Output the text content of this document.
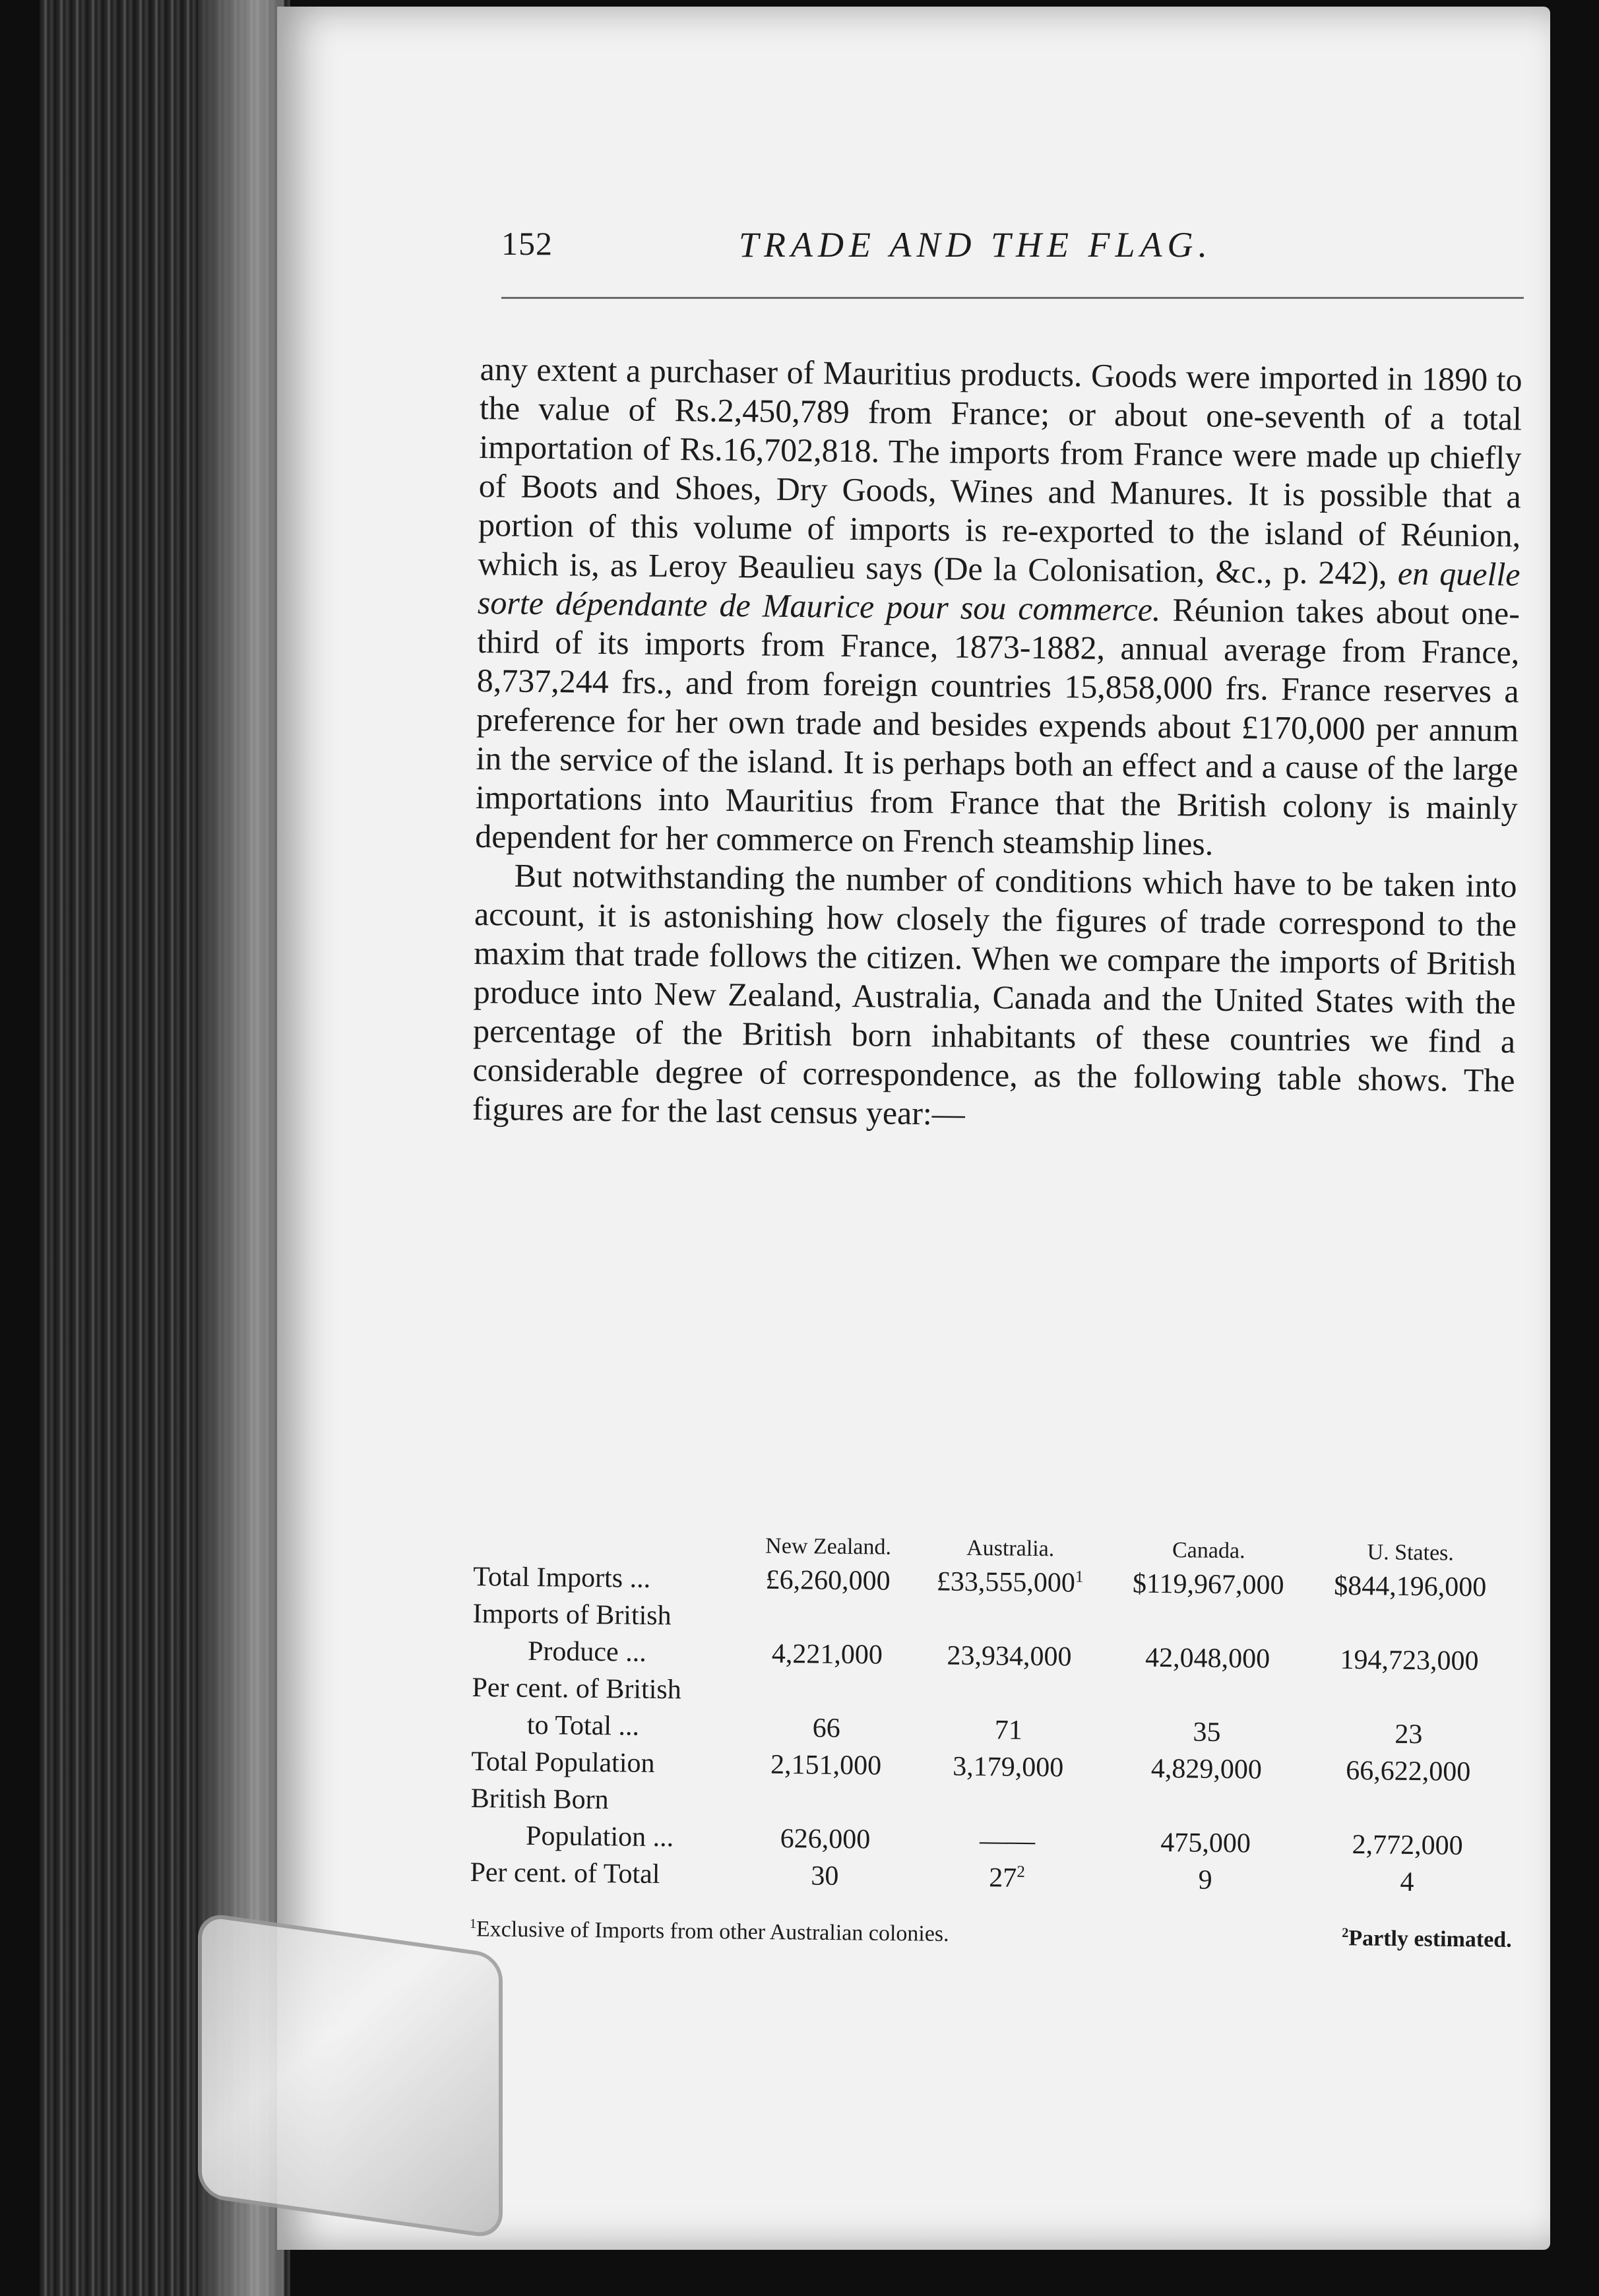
152	TRADE AND THE FLAG.

any extent a purchaser of Mauritius products. Goods were imported in 1890 to the value of Rs.2,450,789 from France; or about one-seventh of a total importation of Rs.16,702,818. The imports from France were made up chiefly of Boots and Shoes, Dry Goods, Wines and Manures. It is possible that a portion of this volume of imports is re-exported to the island of Réunion, which is, as Leroy Beaulieu says (De la Colonisation, &c., p. 242), en quelle sorte dépendante de Maurice pour sou commerce. Réunion takes about one-third of its imports from France, 1873-1882, annual average from France, 8,737,244 frs., and from foreign countries 15,858,000 frs. France reserves a preference for her own trade and besides expends about £170,000 per annum in the service of the island. It is perhaps both an effect and a cause of the large importations into Mauritius from France that the British colony is mainly dependent for her commerce on French steamship lines.

But notwithstanding the number of conditions which have to be taken into account, it is astonishing how closely the figures of trade correspond to the maxim that trade follows the citizen. When we compare the imports of British produce into New Zealand, Australia, Canada and the United States with the percentage of the British born inhabitants of these countries we find a considerable degree of correspondence, as the following table shows. The figures are for the last census year:—

	New Zealand.	Australia.	Canada.	U. States.
Total Imports ...	£6,260,000	£33,555,000$^1$	$119,967,000	$844,196,000
Imports of British				
Produce ...	4,221,000	23,934,000	42,048,000	194,723,000
Per cent. of British				
to Total ...	66	71	35	23
Total Population	2,151,000	3,179,000	4,829,000	66,622,000
British Born				
Population ...	626,000	——	475,000	2,772,000
Per cent. of Total	30	$27^2$	9	4
$^1$Exclusive of Imports from other Australian colonies.	$^2$Partly estimated.
